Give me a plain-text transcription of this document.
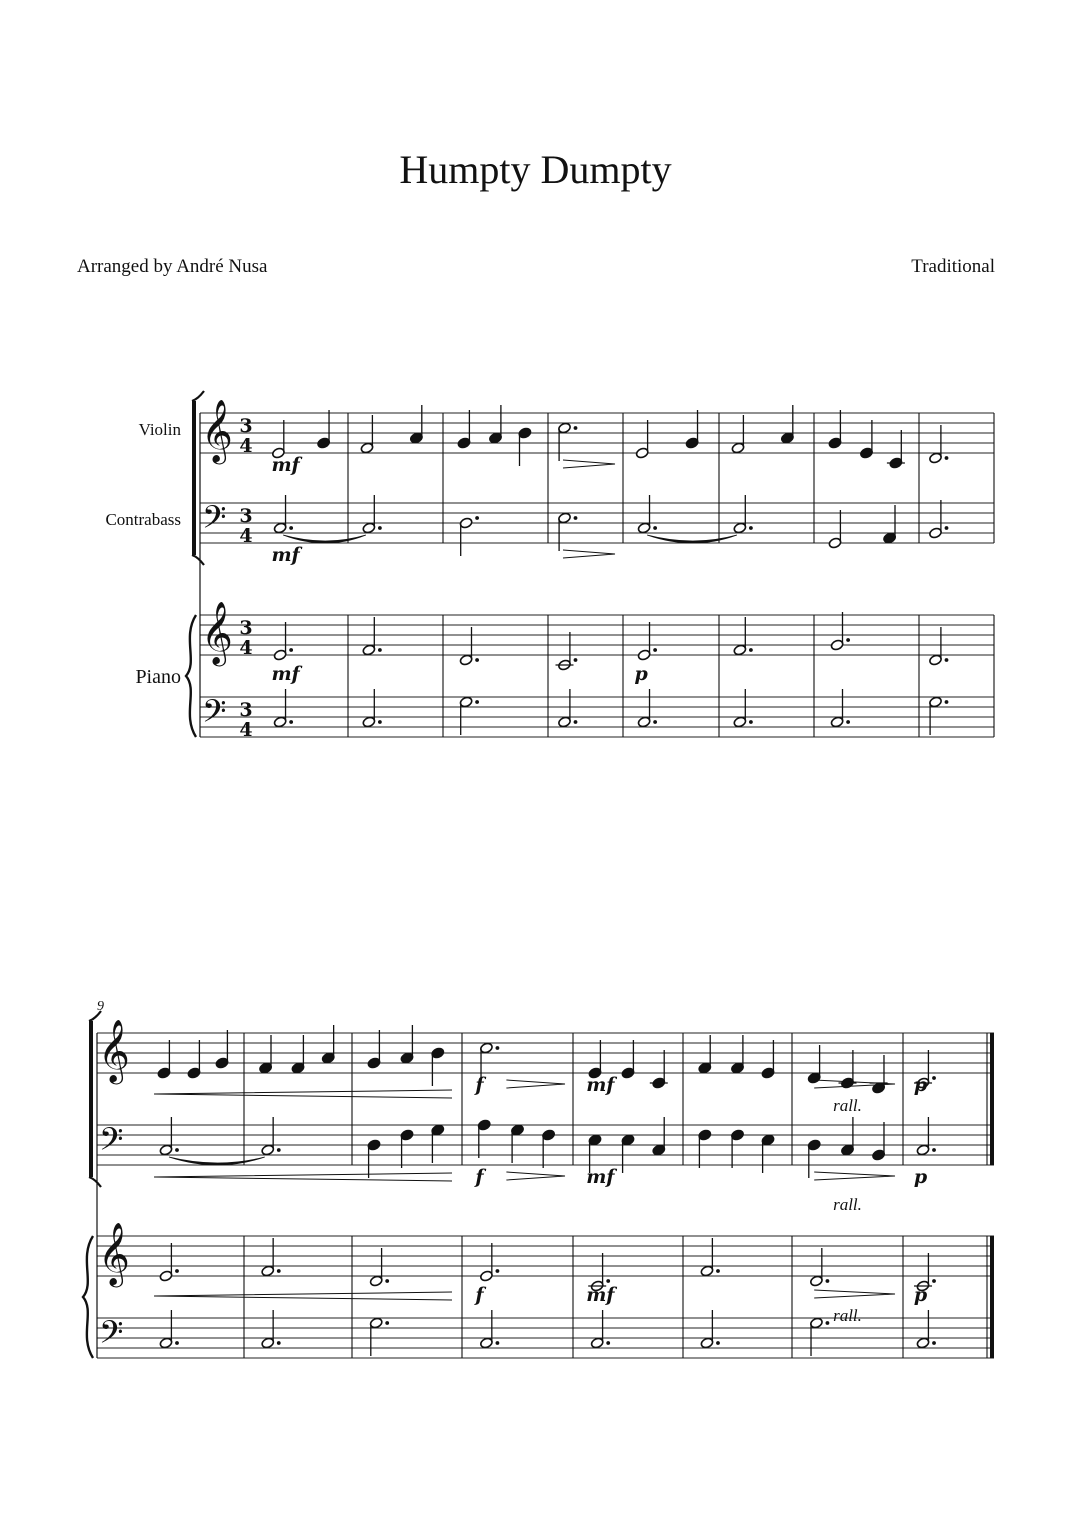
Humpty Dumpty
Arranged by André Nusa	Traditional
Violin
Contrabass
Piano
9
𝄞 3
4
𝄢 3
4
𝄞 3
4
𝄢 3
4
mf
mf
mf	p
𝄞
𝄢
𝄞
𝄢
f	mf
rall.
p
f	mf
rall.
p
f	mf
rall.
p
